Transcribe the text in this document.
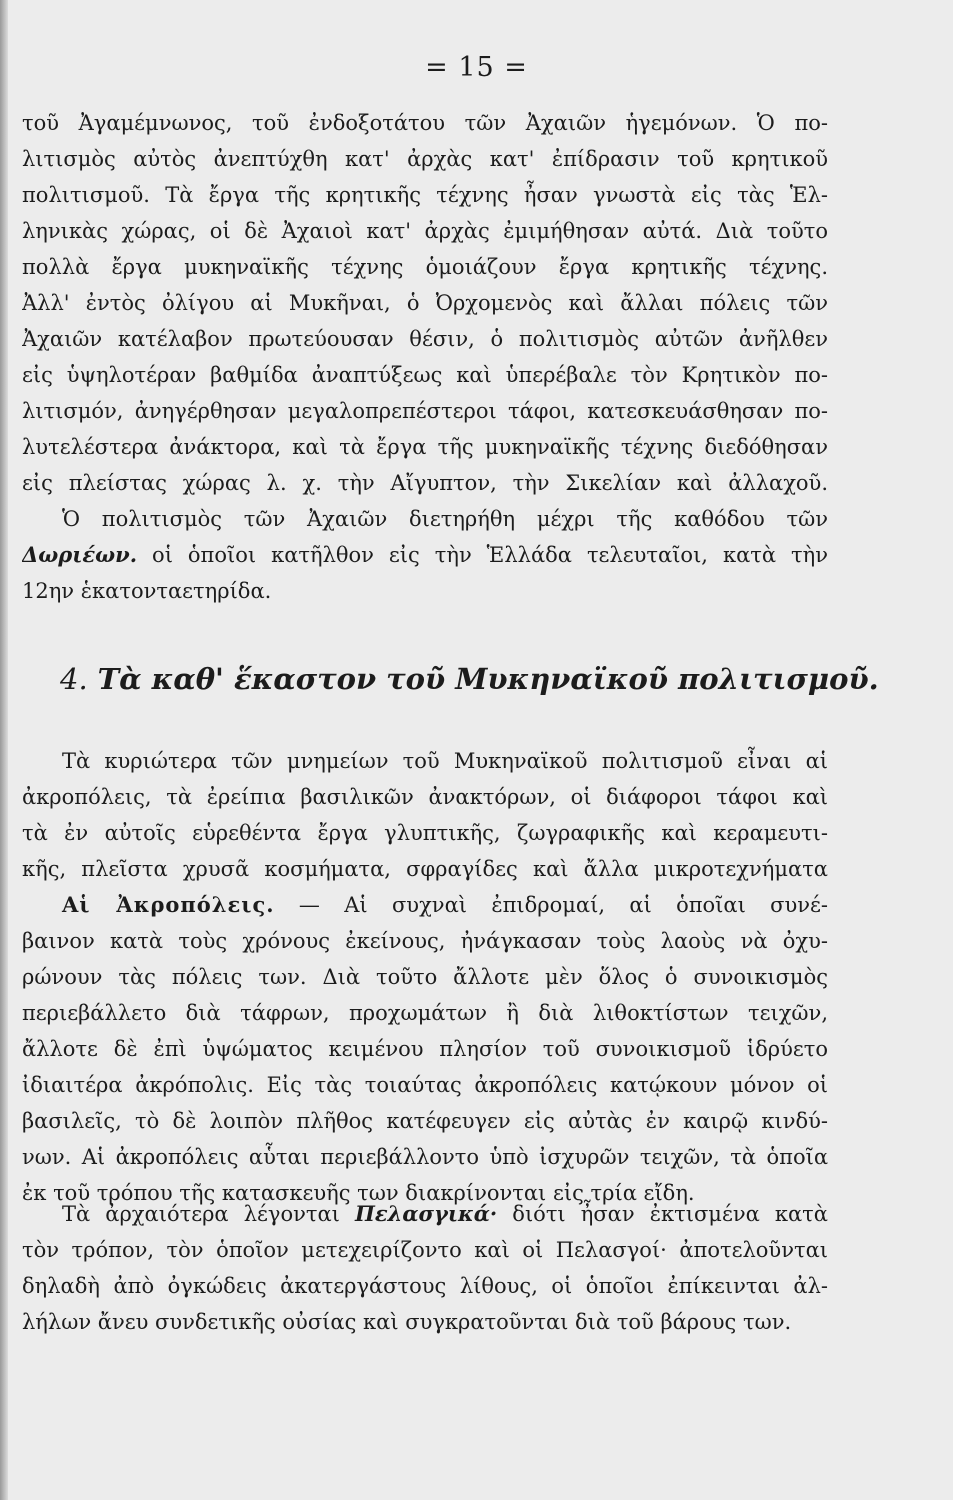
= 15 =
τοῦ Ἀγαμέμνωνος, τοῦ ἐνδοξοτάτου τῶν Ἀχαιῶν ἡγεμόνων. Ὁ πο-
λιτισμὸς αὐτὸς ἀνεπτύχθη κατ' ἀρχὰς κατ' ἐπίδρασιν τοῦ κρητικοῦ
πολιτισμοῦ. Τὰ ἔργα τῆς κρητικῆς τέχνης ἦσαν γνωστὰ εἰς τὰς Ἑλ-
ληνικὰς χώρας, οἱ δὲ Ἀχαιοὶ κατ' ἀρχὰς ἐμιμήθησαν αὐτά. Διὰ τοῦτο
πολλὰ ἔργα μυκηναϊκῆς τέχνης ὁμοιάζουν ἔργα κρητικῆς τέχνης.
Ἀλλ' ἐντὸς ὀλίγου αἱ Μυκῆναι, ὁ Ὀρχομενὸς καὶ ἄλλαι πόλεις τῶν
Ἀχαιῶν κατέλαβον πρωτεύουσαν θέσιν, ὁ πολιτισμὸς αὐτῶν ἀνῆλθεν
εἰς ὑψηλοτέραν βαθμίδα ἀναπτύξεως καὶ ὑπερέβαλε τὸν Κρητικὸν πο-
λιτισμόν, ἀνηγέρθησαν μεγαλοπρεπέστεροι τάφοι, κατεσκευάσθησαν πο-
λυτελέστερα ἀνάκτορα, καὶ τὰ ἔργα τῆς μυκηναϊκῆς τέχνης διεδόθησαν
εἰς πλείστας χώρας λ. χ. τὴν Αἴγυπτον, τὴν Σικελίαν καὶ ἀλλαχοῦ.
Ὁ πολιτισμὸς τῶν Ἀχαιῶν διετηρήθη μέχρι τῆς καθόδου τῶν
Δωριέων. οἱ ὁποῖοι κατῆλθον εἰς τὴν Ἑλλάδα τελευταῖοι, κατὰ τὴν
12ην ἑκατονταετηρίδα.
4. Τὰ καθ' ἕκαστον τοῦ Μυκηναϊκοῦ πολιτισμοῦ.
Τὰ κυριώτερα τῶν μνημείων τοῦ Μυκηναϊκοῦ πολιτισμοῦ εἶναι αἱ
ἀκροπόλεις, τὰ ἐρείπια βασιλικῶν ἀνακτόρων, οἱ διάφοροι τάφοι καὶ
τὰ ἐν αὐτοῖς εὑρεθέντα ἔργα γλυπτικῆς, ζωγραφικῆς καὶ κεραμευτι-
κῆς, πλεῖστα χρυσᾶ κοσμήματα, σφραγίδες καὶ ἄλλα μικροτεχνήματα
Αἱ Ἀκροπόλεις. — Αἱ συχναὶ ἐπιδρομαί, αἱ ὁποῖαι συνέ-
βαινον κατὰ τοὺς χρόνους ἐκείνους, ἠνάγκασαν τοὺς λαοὺς νὰ ὀχυ-
ρώνουν τὰς πόλεις των. Διὰ τοῦτο ἄλλοτε μὲν ὅλος ὁ συνοικισμὸς
περιεβάλλετο διὰ τάφρων, προχωμάτων ἢ διὰ λιθοκτίστων τειχῶν,
ἄλλοτε δὲ ἐπὶ ὑψώματος κειμένου πλησίον τοῦ συνοικισμοῦ ἱδρύετο
ἰδιαιτέρα ἀκρόπολις. Εἰς τὰς τοιαύτας ἀκροπόλεις κατῴκουν μόνον οἱ
βασιλεῖς, τὸ δὲ λοιπὸν πλῆθος κατέφευγεν εἰς αὐτὰς ἐν καιρῷ κινδύ-
νων. Αἱ ἀκροπόλεις αὗται περιεβάλλοντο ὑπὸ ἰσχυρῶν τειχῶν, τὰ ὁποῖα
ἐκ τοῦ τρόπου τῆς κατασκευῆς των διακρίνονται εἰς τρία εἴδη.
Τὰ ἀρχαιότερα λέγονται Πελασγικά· διότι ἦσαν ἐκτισμένα κατὰ
τὸν τρόπον, τὸν ὁποῖον μετεχειρίζοντο καὶ οἱ Πελασγοί· ἀποτελοῦνται
δηλαδὴ ἀπὸ ὀγκώδεις ἀκατεργάστους λίθους, οἱ ὁποῖοι ἐπίκεινται ἀλ-
λήλων ἄνευ συνδετικῆς οὐσίας καὶ συγκρατοῦνται διὰ τοῦ βάρους των.
